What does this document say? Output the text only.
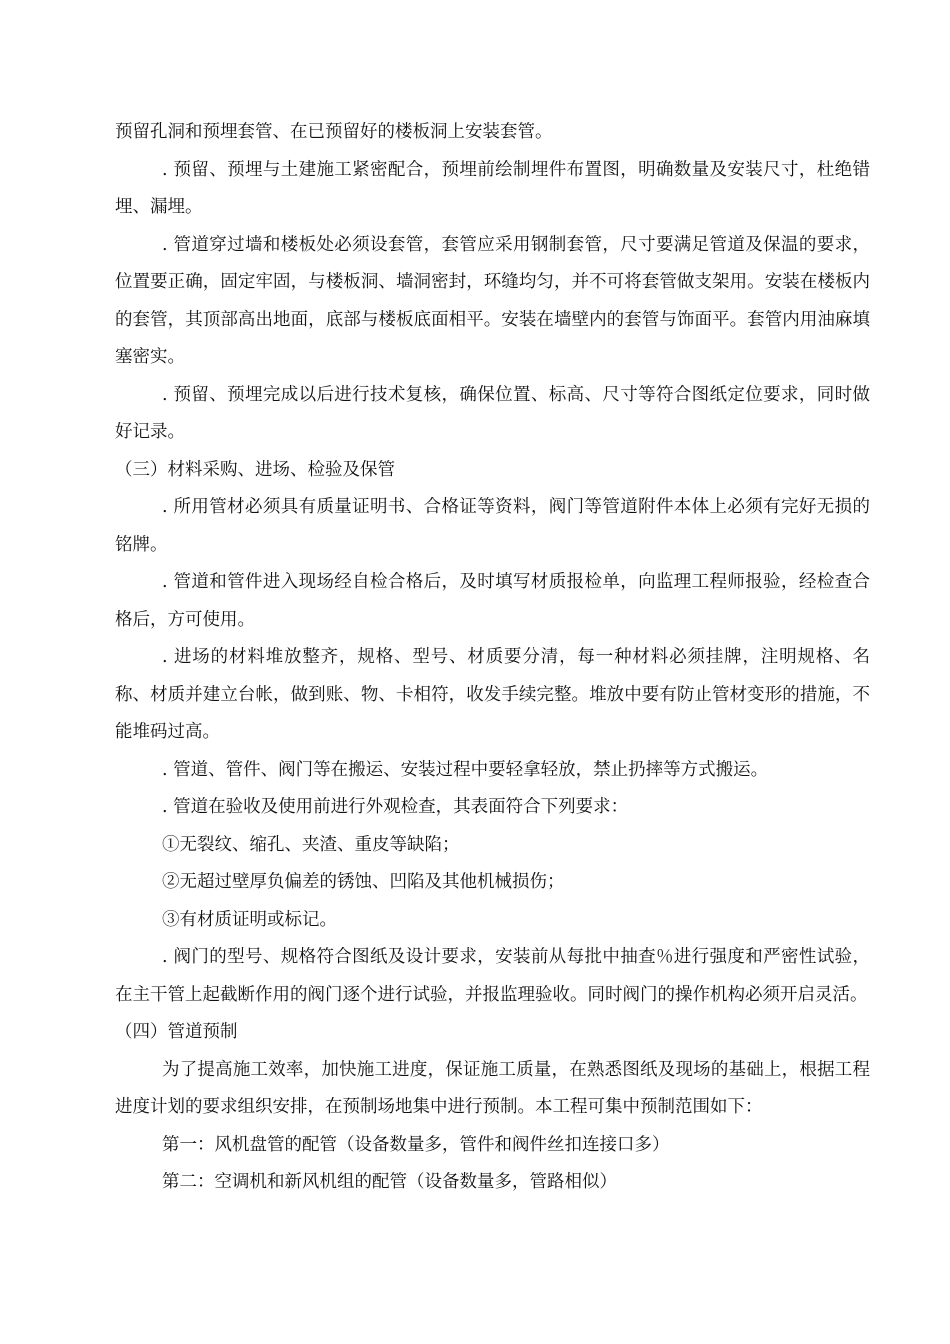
预留孔洞和预埋套管、在已预留好的楼板洞上安装套管。

. 预留、预埋与土建施工紧密配合，预埋前绘制埋件布置图，明确数量及安装尺寸，杜绝错埋、漏埋。

. 管道穿过墙和楼板处必须设套管，套管应采用钢制套管，尺寸要满足管道及保温的要求，位置要正确，固定牢固，与楼板洞、墙洞密封，环缝均匀，并不可将套管做支架用。安装在楼板内的套管，其顶部高出地面，底部与楼板底面相平。安装在墙壁内的套管与饰面平。套管内用油麻填塞密实。

. 预留、预埋完成以后进行技术复核，确保位置、标高、尺寸等符合图纸定位要求，同时做好记录。

（三）材料采购、进场、检验及保管

. 所用管材必须具有质量证明书、合格证等资料，阀门等管道附件本体上必须有完好无损的铭牌。

. 管道和管件进入现场经自检合格后，及时填写材质报检单，向监理工程师报验，经检查合格后，方可使用。

. 进场的材料堆放整齐，规格、型号、材质要分清，每一种材料必须挂牌，注明规格、名称、材质并建立台帐，做到账、物、卡相符，收发手续完整。堆放中要有防止管材变形的措施，不能堆码过高。

. 管道、管件、阀门等在搬运、安装过程中要轻拿轻放，禁止扔摔等方式搬运。

. 管道在验收及使用前进行外观检查，其表面符合下列要求：

①无裂纹、缩孔、夹渣、重皮等缺陷；

②无超过壁厚负偏差的锈蚀、凹陷及其他机械损伤；

③有材质证明或标记。

. 阀门的型号、规格符合图纸及设计要求，安装前从每批中抽查％进行强度和严密性试验，在主干管上起截断作用的阀门逐个进行试验，并报监理验收。同时阀门的操作机构必须开启灵活。

（四）管道预制

为了提高施工效率，加快施工进度，保证施工质量，在熟悉图纸及现场的基础上，根据工程进度计划的要求组织安排，在预制场地集中进行预制。本工程可集中预制范围如下：

第一：风机盘管的配管（设备数量多，管件和阀件丝扣连接口多）

第二：空调机和新风机组的配管（设备数量多，管路相似）
